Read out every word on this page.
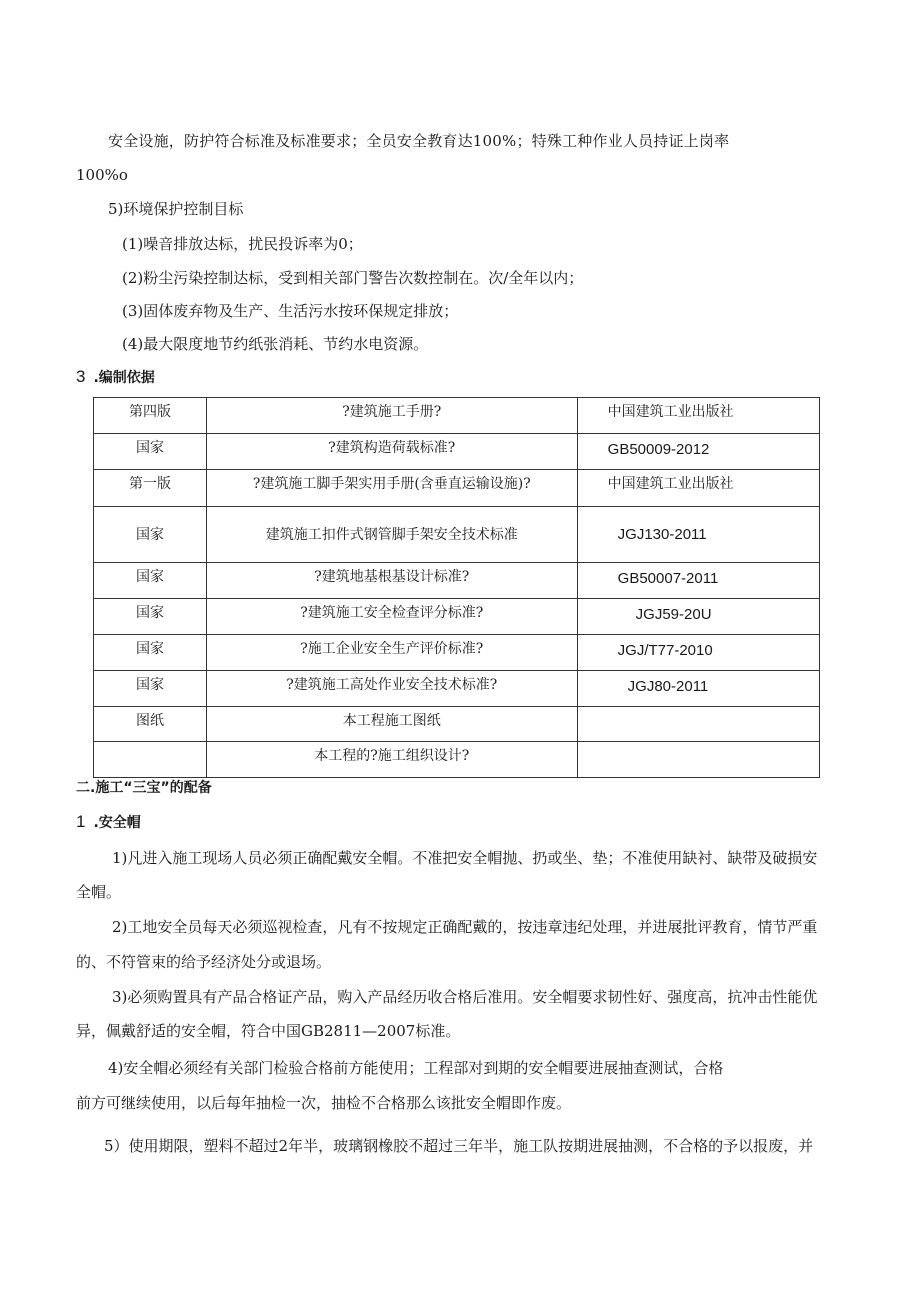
安全设施，防护符合标准及标准要求；全员安全教育达100%；特殊工种作业人员持证上岗率
100%o
5)环境保护控制目标
(1)噪音排放达标，扰民投诉率为0；
(2)粉尘污染控制达标，受到相关部门警告次数控制在。次/全年以内；
(3)固体废弃物及生产、生活污水按环保规定排放；
(4)最大限度地节约纸张消耗、节约水电资源。
3 .编制依据
第四版	?建筑施工手册?	中国建筑工业出版社
国家	?建筑构造荷载标准?	GB50009-2012
第一版	?建筑施工脚手架实用手册(含垂直运输设施)?	中国建筑工业出版社
国家	建筑施工扣件式钢管脚手架安全技术标准	JGJ130-2011
国家	?建筑地基根基设计标准?	GB50007-2011
国家	?建筑施工安全检查评分标准?	JGJ59-20U
国家	?施工企业安全生产评价标准?	JGJ/T77-2010
国家	?建筑施工高处作业安全技术标准?	JGJ80-2011
图纸	本工程施工图纸	
	本工程的?施工组织设计?	
二.施工“三宝”的配备
1 .安全帽
1)凡进入施工现场人员必须正确配戴安全帽。不准把安全帽抛、扔或坐、垫；不准使用缺衬、缺带及破损安
全帽。
2)工地安全员每天必须巡视检查，凡有不按规定正确配戴的，按违章违纪处理，并进展批评教育，情节严重
的、不符管束的给予经济处分或退场。
3)必须购置具有产品合格证产品，购入产品经历收合格后准用。安全帽要求韧性好、强度高，抗冲击性能优
异，佩戴舒适的安全帽，符合中国GB2811—2007标准。
4)安全帽必须经有关部门检验合格前方能使用；工程部对到期的安全帽要进展抽查测试，合格
前方可继续使用，以后每年抽检一次，抽检不合格那么该批安全帽即作废。
5）使用期限，塑料不超过2年半，玻璃钢橡胶不超过三年半，施工队按期进展抽测，不合格的予以报废，并
